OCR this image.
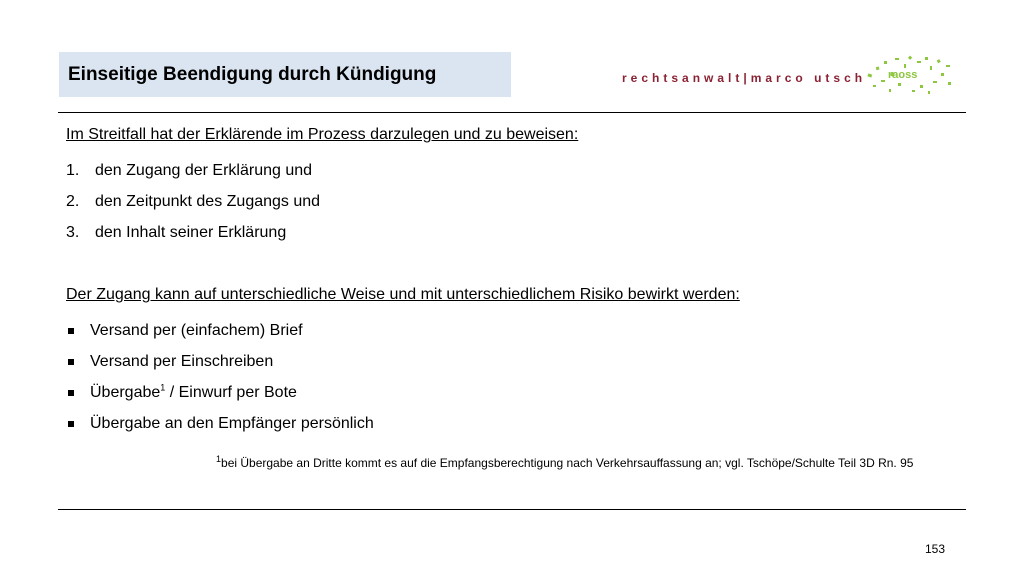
Einseitige Beendigung durch Kündigung	rechtsanwalt|marco utsch raoss
Im Streitfall hat der Erklärende im Prozess darzulegen und zu beweisen:
1. den Zugang der Erklärung und
2. den Zeitpunkt des Zugangs und
3. den Inhalt seiner Erklärung
Der Zugang kann auf unterschiedliche Weise und mit unterschiedlichem Risiko bewirkt werden:
Versand per (einfachem) Brief
Versand per Einschreiben
Übergabe$^1$ / Einwurf per Bote
Übergabe an den Empfänger persönlich
$^1$bei Übergabe an Dritte kommt es auf die Empfangsberechtigung nach Verkehrsauffassung an; vgl. Tschöpe/Schulte Teil 3D Rn. 95
153
